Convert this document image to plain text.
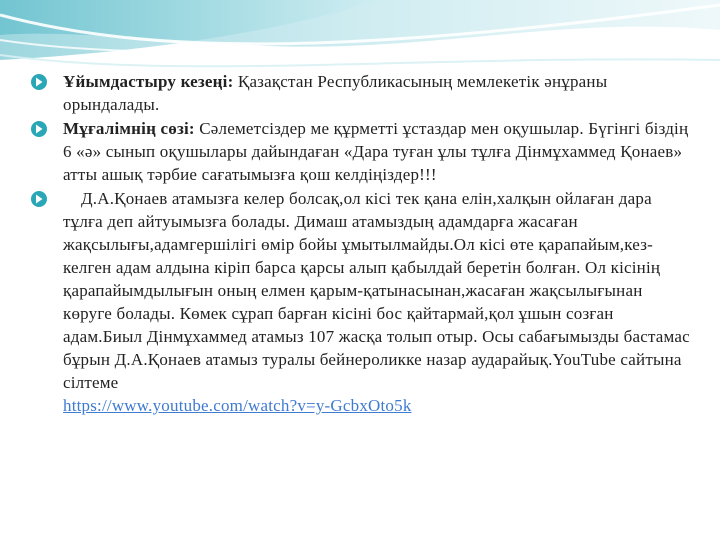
Ұйымдастыру кезеңі: Қазақстан Республикасының мемлекетік әнұраны орындалады.
Мұғалімнің сөзі: Сәлеметсіздер ме құрметті ұстаздар мен оқушылар. Бүгінгі біздің 6 «ә» сынып оқушылары дайындаған «Дара туған ұлы тұлға Дінмұхаммед Қонаев» атты ашық тәрбие сағатымызға қош келдіңіздер!!!
Д.А.Қонаев атамызға келер болсақ,ол кісі тек қана елін,халқын ойлаған дара тұлға деп айтуымызға болады. Димаш атамыздың адамдарға жасаған жақсылығы,адамгершілігі өмір бойы ұмытылмайды.Ол кісі өте қарапайым,кез-келген адам алдына кіріп барса қарсы алып қабылдай беретін болған. Ол кісінің қарапайымдылығын оның елмен қарым-қатынасынан,жасаған жақсылығынан көруге болады. Көмек сұрап барған кісіні бос қайтармай,қол ұшын созған адам.Биыл Дінмұхаммед атамыз 107 жасқа толып отыр. Осы сабағымызды бастамас бұрын Д.А.Қонаев атамыз туралы бейнероликке назар аударайық.YouTube сайтына сілтеме
https://www.youtube.com/watch?v=y-GcbxOto5k
